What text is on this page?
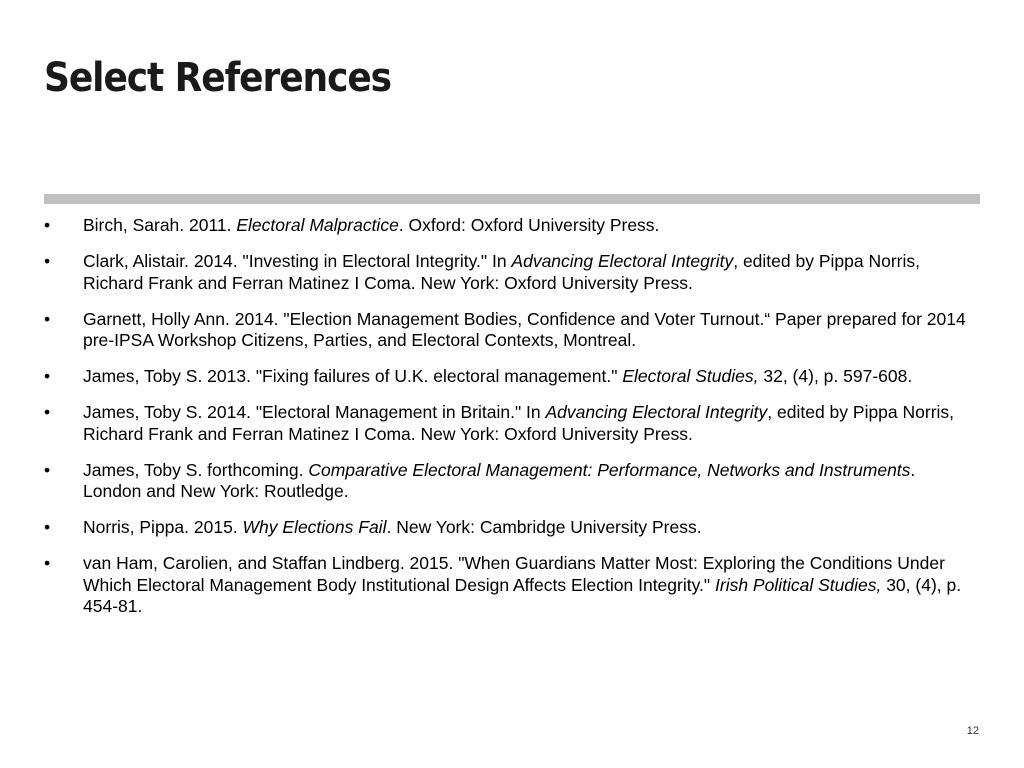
Select References
• Birch, Sarah. 2011. Electoral Malpractice. Oxford: Oxford University Press.
• Clark, Alistair. 2014. "Investing in Electoral Integrity." In Advancing Electoral Integrity, edited by Pippa Norris, Richard Frank and Ferran Matinez I Coma. New York: Oxford University Press.
• Garnett, Holly Ann. 2014. "Election Management Bodies, Confidence and Voter Turnout.“ Paper prepared for 2014 pre-IPSA Workshop Citizens, Parties, and Electoral Contexts, Montreal.
• James, Toby S. 2013. "Fixing failures of U.K. electoral management." Electoral Studies, 32, (4), p. 597-608.
• James, Toby S. 2014. "Electoral Management in Britain." In Advancing Electoral Integrity, edited by Pippa Norris, Richard Frank and Ferran Matinez I Coma. New York: Oxford University Press.
• James, Toby S. forthcoming. Comparative Electoral Management: Performance, Networks and Instruments. London and New York: Routledge.
• Norris, Pippa. 2015. Why Elections Fail. New York: Cambridge University Press.
• van Ham, Carolien, and Staffan Lindberg. 2015. "When Guardians Matter Most: Exploring the Conditions Under Which Electoral Management Body Institutional Design Affects Election Integrity." Irish Political Studies, 30, (4), p. 454-81.
12
